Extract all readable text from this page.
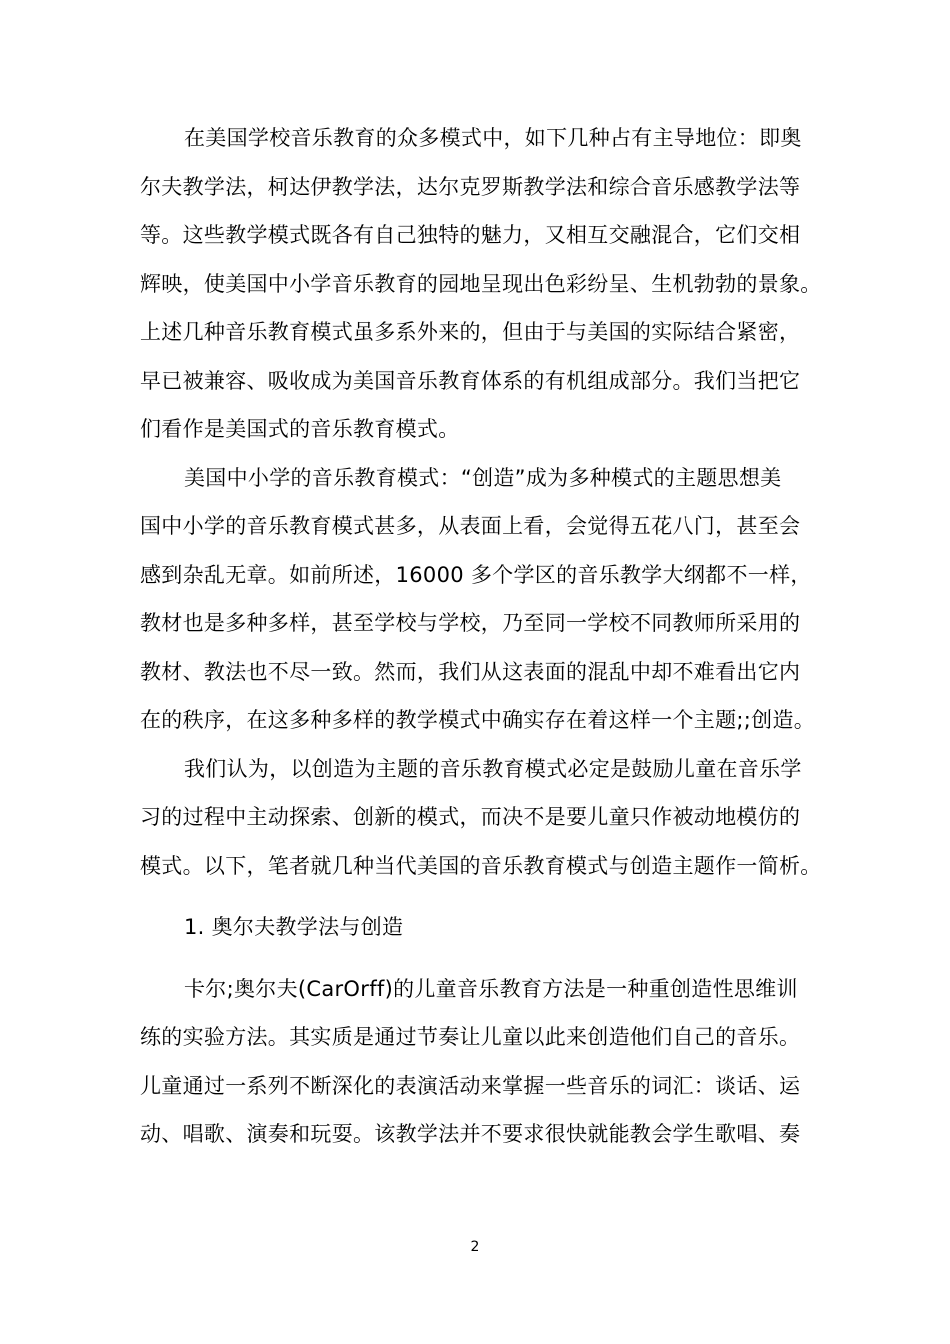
在美国学校音乐教育的众多模式中，如下几种占有主导地位：即奥
尔夫教学法，柯达伊教学法，达尔克罗斯教学法和综合音乐感教学法等
等。这些教学模式既各有自己独特的魅力，又相互交融混合，它们交相
辉映，使美国中小学音乐教育的园地呈现出色彩纷呈、生机勃勃的景象。
上述几种音乐教育模式虽多系外来的，但由于与美国的实际结合紧密，
早已被兼容、吸收成为美国音乐教育体系的有机组成部分。我们当把它
们看作是美国式的音乐教育模式。
美国中小学的音乐教育模式：“创造”成为多种模式的主题思想美
国中小学的音乐教育模式甚多，从表面上看，会觉得五花八门，甚至会
感到杂乱无章。如前所述，16000 多个学区的音乐教学大纲都不一样，
教材也是多种多样，甚至学校与学校，乃至同一学校不同教师所采用的
教材、教法也不尽一致。然而，我们从这表面的混乱中却不难看出它内
在的秩序，在这多种多样的教学模式中确实存在着这样一个主题;;创造。
我们认为，以创造为主题的音乐教育模式必定是鼓励儿童在音乐学
习的过程中主动探索、创新的模式，而决不是要儿童只作被动地模仿的
模式。以下，笔者就几种当代美国的音乐教育模式与创造主题作一简析。
1. 奥尔夫教学法与创造
卡尔;奥尔夫(CarOrff)的儿童音乐教育方法是一种重创造性思维训
练的实验方法。其实质是通过节奏让儿童以此来创造他们自己的音乐。
儿童通过一系列不断深化的表演活动来掌握一些音乐的词汇：谈话、运
动、唱歌、演奏和玩耍。该教学法并不要求很快就能教会学生歌唱、奏
2
